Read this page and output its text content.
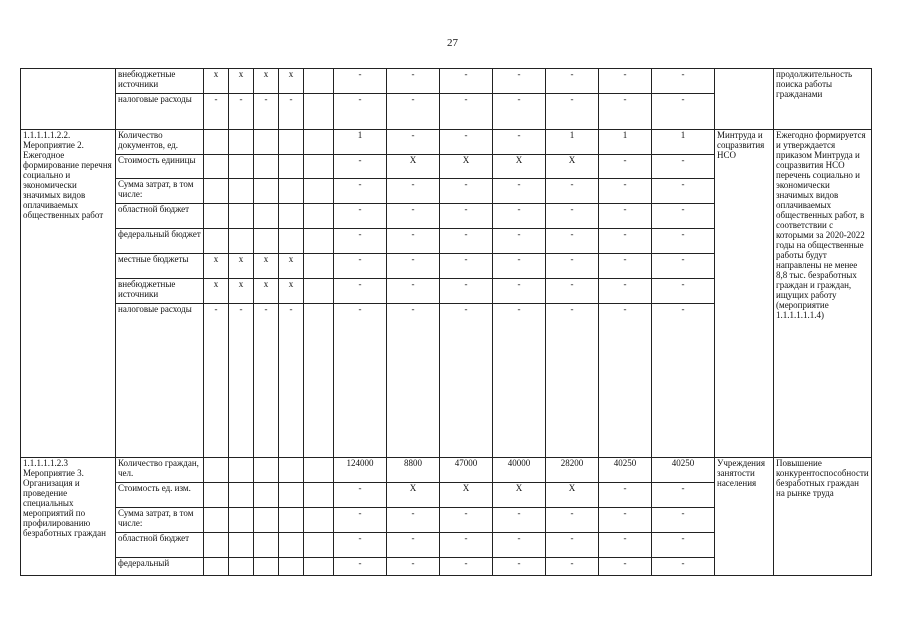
27
	внебюджетные источники	х	х	х	х		-	-	-	-	-	-	-		продолжительность поиска работы гражданами
	налоговые расходы	-	-	-	-		-	-	-	-	-	-	-		
1.1.1.1.1.2.2. Мероприятие 2. Ежегодное формирование перечня социально и экономически значимых видов оплачиваемых общественных работ	Количество документов, ед.						1	-	-	-	1	1	1	Минтруда и соцразвития НСО	Ежегодно формируется и утверждается приказом Минтруда и соцразвития НСО перечень социально и экономически значимых видов оплачиваемых общественных работ, в соответствии с которыми за 2020-2022 годы на общественные работы будут направлены не менее 8,8 тыс. безработных граждан и граждан, ищущих работу (мероприятие 1.1.1.1.1.1.4)
	Стоимость единицы						-	Х	Х	Х	Х	-	-		
	Сумма затрат, в том числе:						-	-	-	-	-	-	-		
	областной бюджет						-	-	-	-	-	-	-		
	федеральный бюджет						-	-	-	-	-	-	-		
	местные бюджеты	х	х	х	х		-	-	-	-	-	-	-		
	внебюджетные источники	х	х	х	х		-	-	-	-	-	-	-		
	налоговые расходы	-	-	-	-		-	-	-	-	-	-	-		
1.1.1.1.1.2.3 Мероприятие 3. Организация и проведение специальных мероприятий по профилированию безработных граждан	Количество граждан, чел.						124000	8800	47000	40000	28200	40250	40250	Учреждения занятости населения	Повышение конкурентоспособности безработных граждан на рынке труда
	Стоимость ед. изм.						-	Х	Х	Х	Х	-	-		
	Сумма затрат, в том числе:						-	-	-	-	-	-	-		
	областной бюджет						-	-	-	-	-	-	-		
	федеральный						-	-	-	-	-	-	-		
